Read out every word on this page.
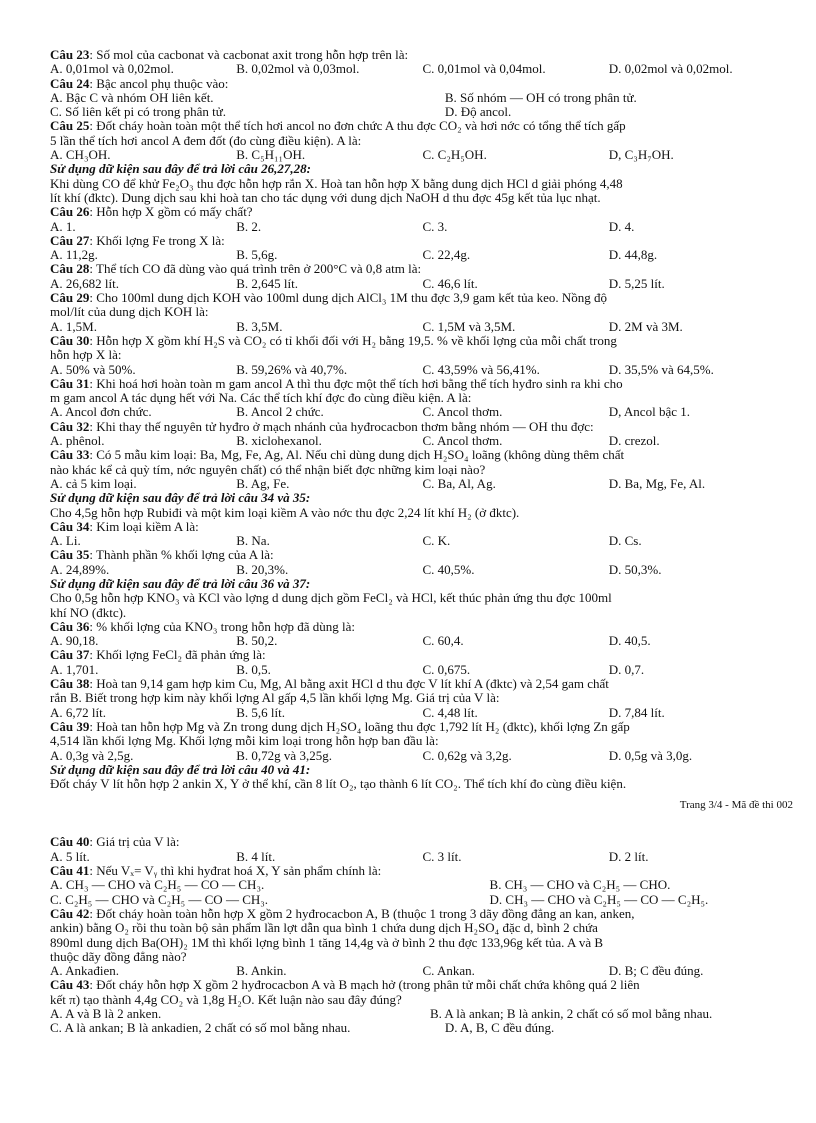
Câu 23: Số mol của cacbonat và cacbonat axit trong hỗn hợp trên là:
A. 0,01mol và 0,02mol.	B. 0,02mol và 0,03mol.	C. 0,01mol và 0,04mol.	D. 0,02mol và 0,02mol.
Câu 24: Bậc ancol phụ thuộc vào:
A. Bậc C và nhóm OH liên kết.	B. Số nhóm — OH có trong phân tử.
C. Số liên kết pi có trong phân tử.	D. Độ ancol.
Câu 25: Đốt cháy hoàn toàn một thể tích hơi ancol no đơn chức A thu đợc CO₂ và hơi nớc có tổng thể tích gấp
5 lần thể tích hơi ancol A đem đốt (đo cùng điều kiện). A là:
A. CH₃OH.	B. C₅H₁₁OH.	C. C₂H₅OH.	D, C₃H₇OH.
Sử dụng dữ kiện sau đây để trả lời câu 26,27,28:
Khi dùng CO để khử Fe₂O₃ thu đợc hỗn hợp rắn X. Hoà tan hỗn hợp X bằng dung dịch HCl d giải phóng 4,48
lít khí (đktc). Dung dịch sau khi hoà tan cho tác dụng với dung dịch NaOH d thu đợc 45g kết tủa lục nhạt.
Câu 26: Hỗn hợp X gồm có mấy chất?
A. 1.	B. 2.	C. 3.	D. 4.
Câu 27: Khối lợng Fe trong X là:
A. 11,2g.	B. 5,6g.	C. 22,4g.	D. 44,8g.
Câu 28: Thể tích CO đã dùng vào quá trình trên ở 200°C và 0,8 atm là:
A. 26,682 lít.	B. 2,645 lít.	C. 46,6 lít.	D. 5,25 lít.
Câu 29: Cho 100ml dung dịch KOH vào 100ml dung dịch AlCl₃ 1M thu đợc 3,9 gam kết tủa keo. Nồng độ
mol/lít của dung dịch KOH là:
A. 1,5M.	B. 3,5M.	C. 1,5M và 3,5M.	D. 2M và 3M.
Câu 30: Hỗn hợp X gồm khí H₂S và CO₂ có tỉ khối đối với H₂ bằng 19,5. % về khối lợng của mỗi chất trong
hỗn hợp X là:
A. 50% và 50%.	B. 59,26% và 40,7%.	C. 43,59% và 56,41%.	D. 35,5% và 64,5%.
Câu 31: Khi hoá hơi hoàn toàn m gam ancol A thì thu đợc một thể tích hơi bằng thể tích hyđro sinh ra khi cho
m gam ancol A tác dụng hết với Na. Các thể tích khí đợc đo cùng điều kiện. A là:
A. Ancol đơn chức.	B. Ancol 2 chức.	C. Ancol thơm.	D, Ancol bậc 1.
Câu 32: Khi thay thế nguyên tử hyđro ở mạch nhánh của hyđrocacbon thơm bằng nhóm — OH thu đợc:
A. phênol.	B. xiclohexanol.	C. Ancol thơm.	D. crezol.
Câu 33: Có 5 mẫu kim loại: Ba, Mg, Fe, Ag, Al. Nếu chỉ dùng dung dịch H₂SO₄ loãng (không dùng thêm chất
nào khác kể cả quỳ tím, nớc nguyên chất) có thể nhận biết đợc những kim loại nào?
A. cả 5 kim loại.	B. Ag, Fe.	C. Ba, Al, Ag.	D. Ba, Mg, Fe, Al.
Sử dụng dữ kiện sau đây để trả lời câu 34 và 35:
Cho 4,5g hỗn hợp Rubiđi và một kim loại kiềm A vào nớc thu đợc 2,24 lít khí H₂ (ở đktc).
Câu 34: Kim loại kiềm A là:
A. Li.	B. Na.	C. K.	D. Cs.
Câu 35: Thành phần % khối lợng của A là:
A. 24,89%.	B. 20,3%.	C. 40,5%.	D. 50,3%.
Sử dụng dữ kiện sau đây để trả lời câu 36 và 37:
Cho 0,5g hỗn hợp KNO₃ và KCl vào lợng d dung dịch gồm FeCl₂ và HCl, kết thúc phản ứng thu đợc 100ml
khí NO (đktc).
Câu 36: % khối lợng của KNO₃ trong hỗn hợp đã dùng là:
A. 90,18.	B. 50,2.	C. 60,4.	D. 40,5.
Câu 37: Khối lợng FeCl₂ đã phản ứng là:
A. 1,701.	B. 0,5.	C. 0,675.	D. 0,7.
Câu 38: Hoà tan 9,14 gam hợp kim Cu, Mg, Al bằng axit HCl d thu đợc V lít khí A (đktc) và 2,54 gam chất
rắn B. Biết trong hợp kim này khối lợng Al gấp 4,5 lần khối lợng Mg. Giá trị của V là:
A. 6,72 lít.	B. 5,6 lít.	C. 4,48 lít.	D. 7,84 lít.
Câu 39: Hoà tan hỗn hợp Mg và Zn trong dung dịch H₂SO₄ loãng thu đợc 1,792 lít H₂ (đktc), khối lợng Zn gấp
4,514 lần khối lợng Mg. Khối lợng mỗi kim loại trong hỗn hợp ban đầu là:
A. 0,3g và 2,5g.	B. 0,72g và 3,25g.	C. 0,62g và 3,2g.	D. 0,5g và 3,0g.
Sử dụng dữ kiện sau đây để trả lời câu 40 và 41:
Đốt cháy V lít hỗn hợp 2 ankin X, Y ở thể khí, cần 8 lít O₂, tạo thành 6 lít CO₂. Thể tích khí đo cùng điều kiện.
Trang 3/4 - Mã đề thi 002
Câu 40: Giá trị của V là:
A. 5 lít.	B. 4 lít.	C. 3 lít.	D. 2 lít.
Câu 41: Nếu Vₓ= Vᵧ thì khi hyđrat hoá X, Y sản phẩm chính là:
A. CH₃ — CHO và C₂H₅ — CO — CH₃.	B. CH₃ — CHO và C₂H₅ — CHO.
C. C₂H₅ — CHO và C₂H₅ — CO — CH₃.	D. CH₃ — CHO và C₂H₅ — CO — C₂H₅.
Câu 42: Đốt cháy hoàn toàn hỗn hợp X gồm 2 hyđrocacbon A, B (thuộc 1 trong 3 dãy đồng đẳng an kan, anken,
ankin) bằng O₂ rồi thu toàn bộ sản phẩm lần lợt dẫn qua bình 1 chứa dung dịch H₂SO₄ đặc d, bình 2 chứa
890ml dung dịch Ba(OH)₂ 1M thì khối lợng bình 1 tăng 14,4g và ở bình 2 thu đợc 133,96g kết tủa. A và B
thuộc dãy đồng đẳng nào?
A. Ankađien.	B. Ankin.	C. Ankan.	D. B; C đều đúng.
Câu 43: Đốt cháy hỗn hợp X gồm 2 hyđrocacbon A và B mạch hở (trong phân tử mỗi chất chứa không quá 2 liên
kết π) tạo thành 4,4g CO₂ và 1,8g H₂O. Kết luận nào sau đây đúng?
A. A và B là 2 anken.	B. A là ankan; B là ankin, 2 chất có số mol bằng nhau.
C. A là ankan; B là ankadien, 2 chất có số mol bằng nhau.	D. A, B, C đều đúng.
